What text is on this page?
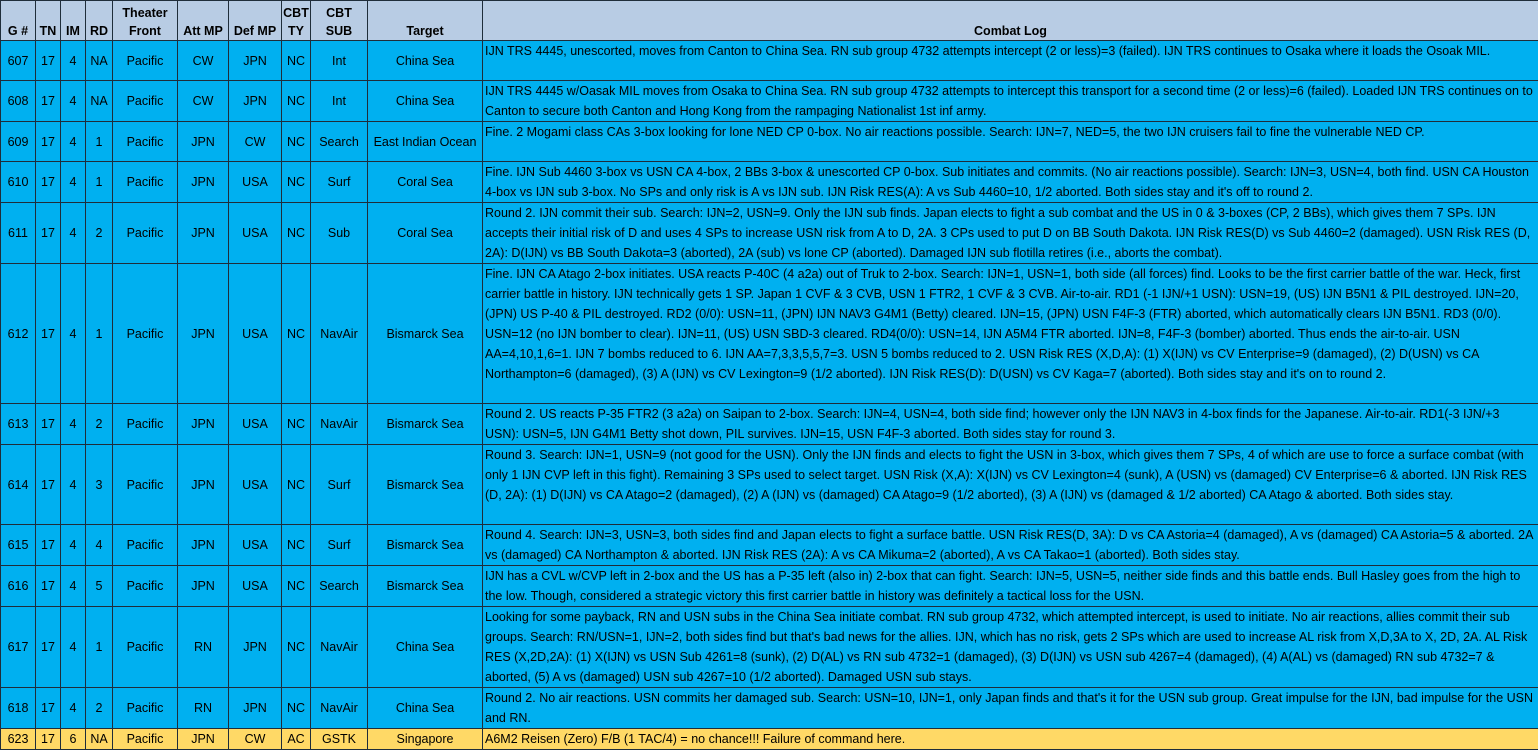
G #	TN	IM	RD	Theater Front	Att MP	Def MP	CBT TY	CBT SUB	Target	Combat Log
607	17	4	NA	Pacific	CW	JPN	NC	Int	China Sea	IJN TRS 4445, unescorted, moves from Canton to China Sea. RN sub group 4732 attempts intercept (2 or less)=3 (failed). IJN TRS continues to Osaka where it loads the Osoak MIL.
608	17	4	NA	Pacific	CW	JPN	NC	Int	China Sea	IJN TRS 4445 w/Oasak MIL moves from Osaka to China Sea. RN sub group 4732 attempts to intercept this transport for a second time (2 or less)=6 (failed). Loaded IJN TRS continues on to Canton to secure both Canton and Hong Kong from the rampaging Nationalist 1st inf army.
609	17	4	1	Pacific	JPN	CW	NC	Search	East Indian Ocean	Fine. 2 Mogami class CAs 3-box looking for lone NED CP 0-box. No air reactions possible. Search: IJN=7, NED=5, the two IJN cruisers fail to fine the vulnerable NED CP.
610	17	4	1	Pacific	JPN	USA	NC	Surf	Coral Sea	Fine. IJN Sub 4460 3-box vs USN CA 4-box, 2 BBs 3-box & unescorted CP 0-box. Sub initiates and commits. (No air reactions possible). Search: IJN=3, USN=4, both find. USN CA Houston 4-box vs IJN sub 3-box. No SPs and only risk is A vs IJN sub. IJN Risk RES(A): A vs Sub 4460=10, 1/2 aborted. Both sides stay and it's off to round 2.
611	17	4	2	Pacific	JPN	USA	NC	Sub	Coral Sea	Round 2. IJN commit their sub. Search: IJN=2, USN=9. Only the IJN sub finds. Japan elects to fight a sub combat and the US in 0 & 3-boxes (CP, 2 BBs), which gives them 7 SPs. IJN accepts their initial risk of D and uses 4 SPs to increase USN risk from A to D, 2A. 3 CPs used to put D on BB South Dakota. IJN Risk RES(D) vs Sub 4460=2 (damaged). USN Risk RES (D, 2A): D(IJN) vs BB South Dakota=3 (aborted), 2A (sub) vs lone CP (aborted). Damaged IJN sub flotilla retires (i.e., aborts the combat).
612	17	4	1	Pacific	JPN	USA	NC	NavAir	Bismarck Sea	Fine. IJN CA Atago 2-box initiates. USA reacts P-40C (4 a2a) out of Truk to 2-box. Search: IJN=1, USN=1, both side (all forces) find. Looks to be the first carrier battle of the war. Heck, first carrier battle in history. IJN technically gets 1 SP. Japan 1 CVF & 3 CVB, USN 1 FTR2, 1 CVF & 3 CVB. Air-to-air. RD1 (-1 IJN/+1 USN): USN=19, (US) IJN B5N1 & PIL destroyed. IJN=20, (JPN) US P-40 & PIL destroyed. RD2 (0/0): USN=11, (JPN) IJN NAV3 G4M1 (Betty) cleared. IJN=15, (JPN) USN F4F-3 (FTR) aborted, which automatically clears IJN B5N1. RD3 (0/0). USN=12 (no IJN bomber to clear). IJN=11, (US) USN SBD-3 cleared. RD4(0/0): USN=14, IJN A5M4 FTR aborted. IJN=8, F4F-3 (bomber) aborted. Thus ends the air-to-air. USN AA=4,10,1,6=1. IJN 7 bombs reduced to 6. IJN AA=7,3,3,5,5,7=3. USN 5 bombs reduced to 2. USN Risk RES (X,D,A): (1) X(IJN) vs CV Enterprise=9 (damaged), (2) D(USN) vs CA Northampton=6 (damaged), (3) A (IJN) vs CV Lexington=9 (1/2 aborted). IJN Risk RES(D): D(USN) vs CV Kaga=7 (aborted). Both sides stay and it's on to round 2.
613	17	4	2	Pacific	JPN	USA	NC	NavAir	Bismarck Sea	Round 2. US reacts P-35 FTR2 (3 a2a) on Saipan to 2-box. Search: IJN=4, USN=4, both side find; however only the IJN NAV3 in 4-box finds for the Japanese. Air-to-air. RD1(-3 IJN/+3 USN): USN=5, IJN G4M1 Betty shot down, PIL survives. IJN=15, USN F4F-3 aborted. Both sides stay for round 3.
614	17	4	3	Pacific	JPN	USA	NC	Surf	Bismarck Sea	Round 3. Search: IJN=1, USN=9 (not good for the USN). Only the IJN finds and elects to fight the USN in 3-box, which gives them 7 SPs, 4 of which are use to force a surface combat (with only 1 IJN CVP left in this fight). Remaining 3 SPs used to select target. USN Risk (X,A): X(IJN) vs CV Lexington=4 (sunk), A (USN) vs (damaged) CV Enterprise=6 & aborted. IJN Risk RES (D, 2A): (1) D(IJN) vs CA Atago=2 (damaged), (2) A (IJN) vs (damaged) CA Atago=9 (1/2 aborted), (3) A (IJN) vs (damaged & 1/2 aborted) CA Atago & aborted. Both sides stay.
615	17	4	4	Pacific	JPN	USA	NC	Surf	Bismarck Sea	Round 4. Search: IJN=3, USN=3, both sides find and Japan elects to fight a surface battle. USN Risk RES(D, 3A): D vs CA Astoria=4 (damaged), A vs (damaged) CA Astoria=5 & aborted. 2A vs (damaged) CA Northampton & aborted. IJN Risk RES (2A): A vs CA Mikuma=2 (aborted), A vs CA Takao=1 (aborted). Both sides stay.
616	17	4	5	Pacific	JPN	USA	NC	Search	Bismarck Sea	IJN has a CVL w/CVP left in 2-box and the US has a P-35 left (also in) 2-box that can fight. Search: IJN=5, USN=5, neither side finds and this battle ends. Bull Hasley goes from the high to the low. Though, considered a strategic victory this first carrier battle in history was definitely a tactical loss for the USN.
617	17	4	1	Pacific	RN	JPN	NC	NavAir	China Sea	Looking for some payback, RN and USN subs in the China Sea initiate combat. RN sub group 4732, which attempted intercept, is used to initiate. No air reactions, allies commit their sub groups. Search: RN/USN=1, IJN=2, both sides find but that's bad news for the allies. IJN, which has no risk, gets 2 SPs which are used to increase AL risk from X,D,3A to X, 2D, 2A. AL Risk RES (X,2D,2A): (1) X(IJN) vs USN Sub 4261=8 (sunk), (2) D(AL) vs RN sub 4732=1 (damaged), (3) D(IJN) vs USN sub 4267=4 (damaged), (4) A(AL) vs (damaged) RN sub 4732=7 & aborted, (5) A vs (damaged) USN sub 4267=10 (1/2 aborted). Damaged USN sub stays.
618	17	4	2	Pacific	RN	JPN	NC	NavAir	China Sea	Round 2. No air reactions. USN commits her damaged sub. Search: USN=10, IJN=1, only Japan finds and that's it for the USN sub group. Great impulse for the IJN, bad impulse for the USN and RN.
623	17	6	NA	Pacific	JPN	CW	AC	GSTK	Singapore	A6M2 Reisen (Zero) F/B (1 TAC/4) = no chance!!! Failure of command here.
